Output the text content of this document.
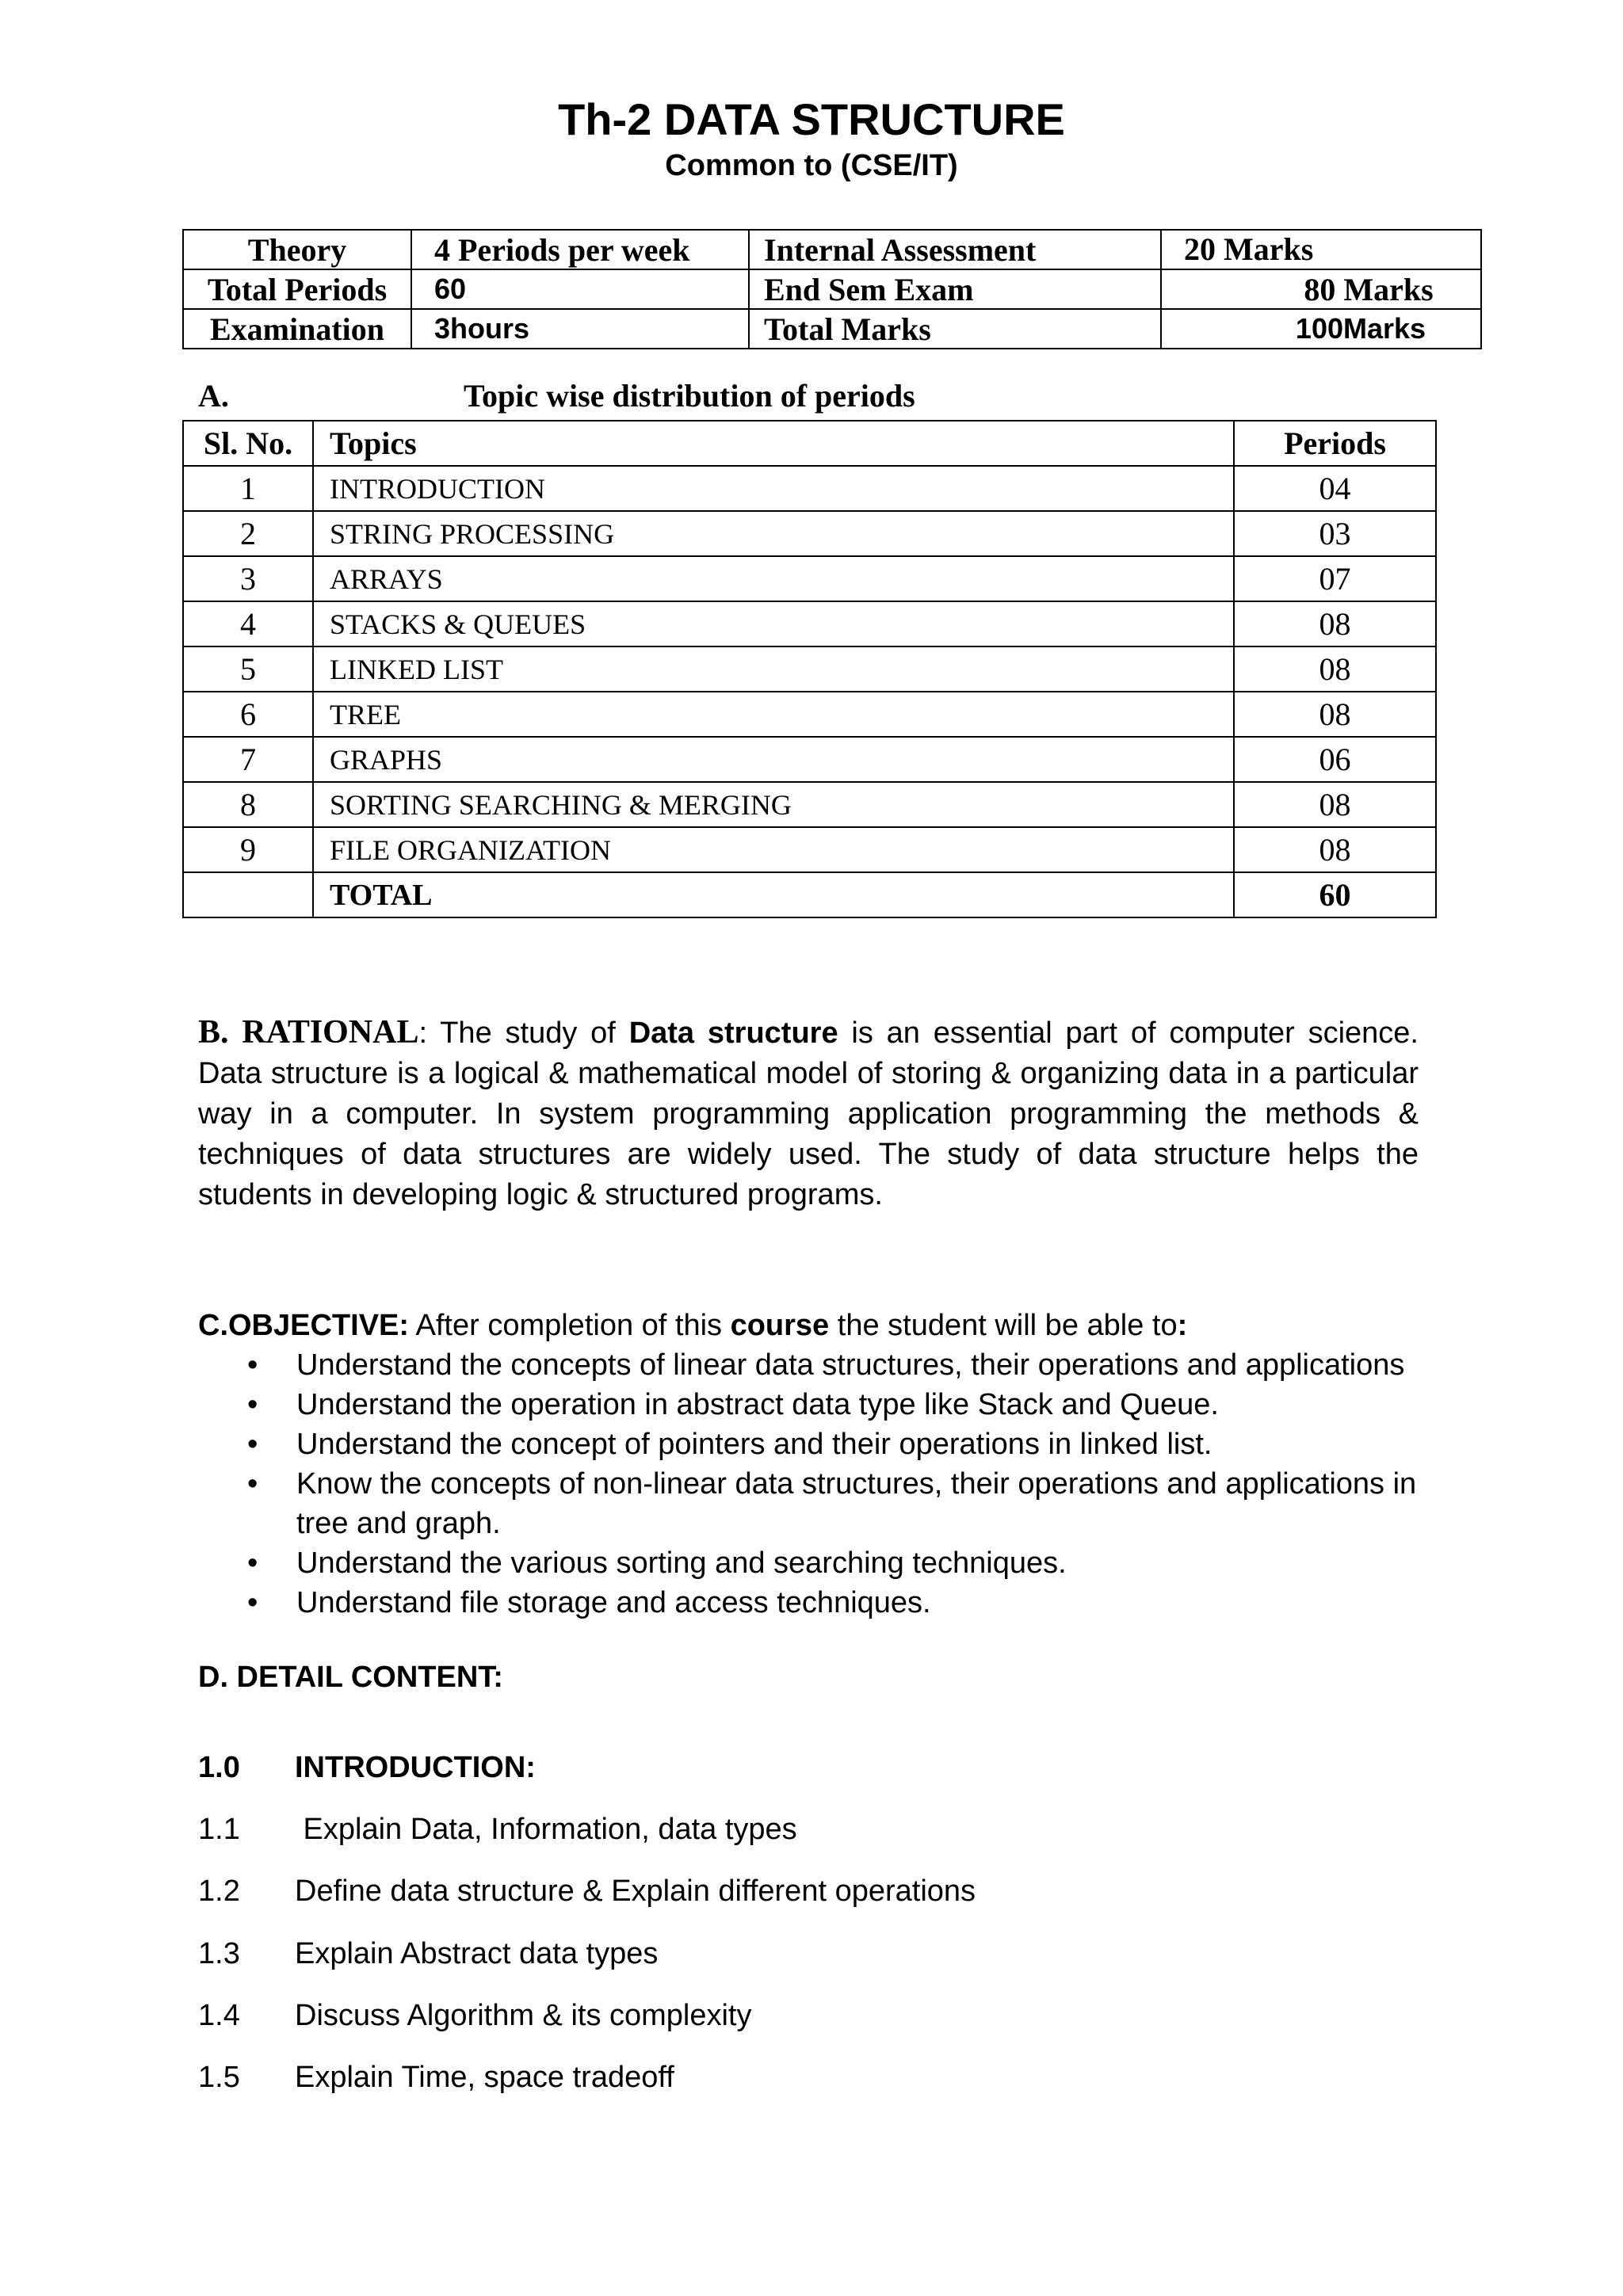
Th-2 DATA STRUCTURE
Common to (CSE/IT)
Theory	4 Periods per week	Internal Assessment	20 Marks
Total Periods	60	End Sem Exam	80 Marks
Examination	3hours	Total Marks	100Marks
A.	Topic wise distribution of periods
Sl. No.	Topics	Periods
1	INTRODUCTION	04
2	STRING PROCESSING	03
3	ARRAYS	07
4	STACKS & QUEUES	08
5	LINKED LIST	08
6	TREE	08
7	GRAPHS	06
8	SORTING SEARCHING & MERGING	08
9	FILE ORGANIZATION	08
	TOTAL	60
B. RATIONAL: The study of Data structure is an essential part of computer science. Data structure is a logical & mathematical model of storing & organizing data in a particular way in a computer. In system programming application programming the methods & techniques of data structures are widely used. The study of data structure helps the students in developing logic & structured programs.
C.OBJECTIVE: After completion of this course the student will be able to:
• Understand the concepts of linear data structures, their operations and applications
• Understand the operation in abstract data type like Stack and Queue.
• Understand the concept of pointers and their operations in linked list.
• Know the concepts of non-linear data structures, their operations and applications in tree and graph.
• Understand the various sorting and searching techniques.
• Understand file storage and access techniques.
D. DETAIL CONTENT:
1.0 INTRODUCTION:
1.1 Explain Data, Information, data types
1.2 Define data structure & Explain different operations
1.3 Explain Abstract data types
1.4 Discuss Algorithm & its complexity
1.5 Explain Time, space tradeoff
